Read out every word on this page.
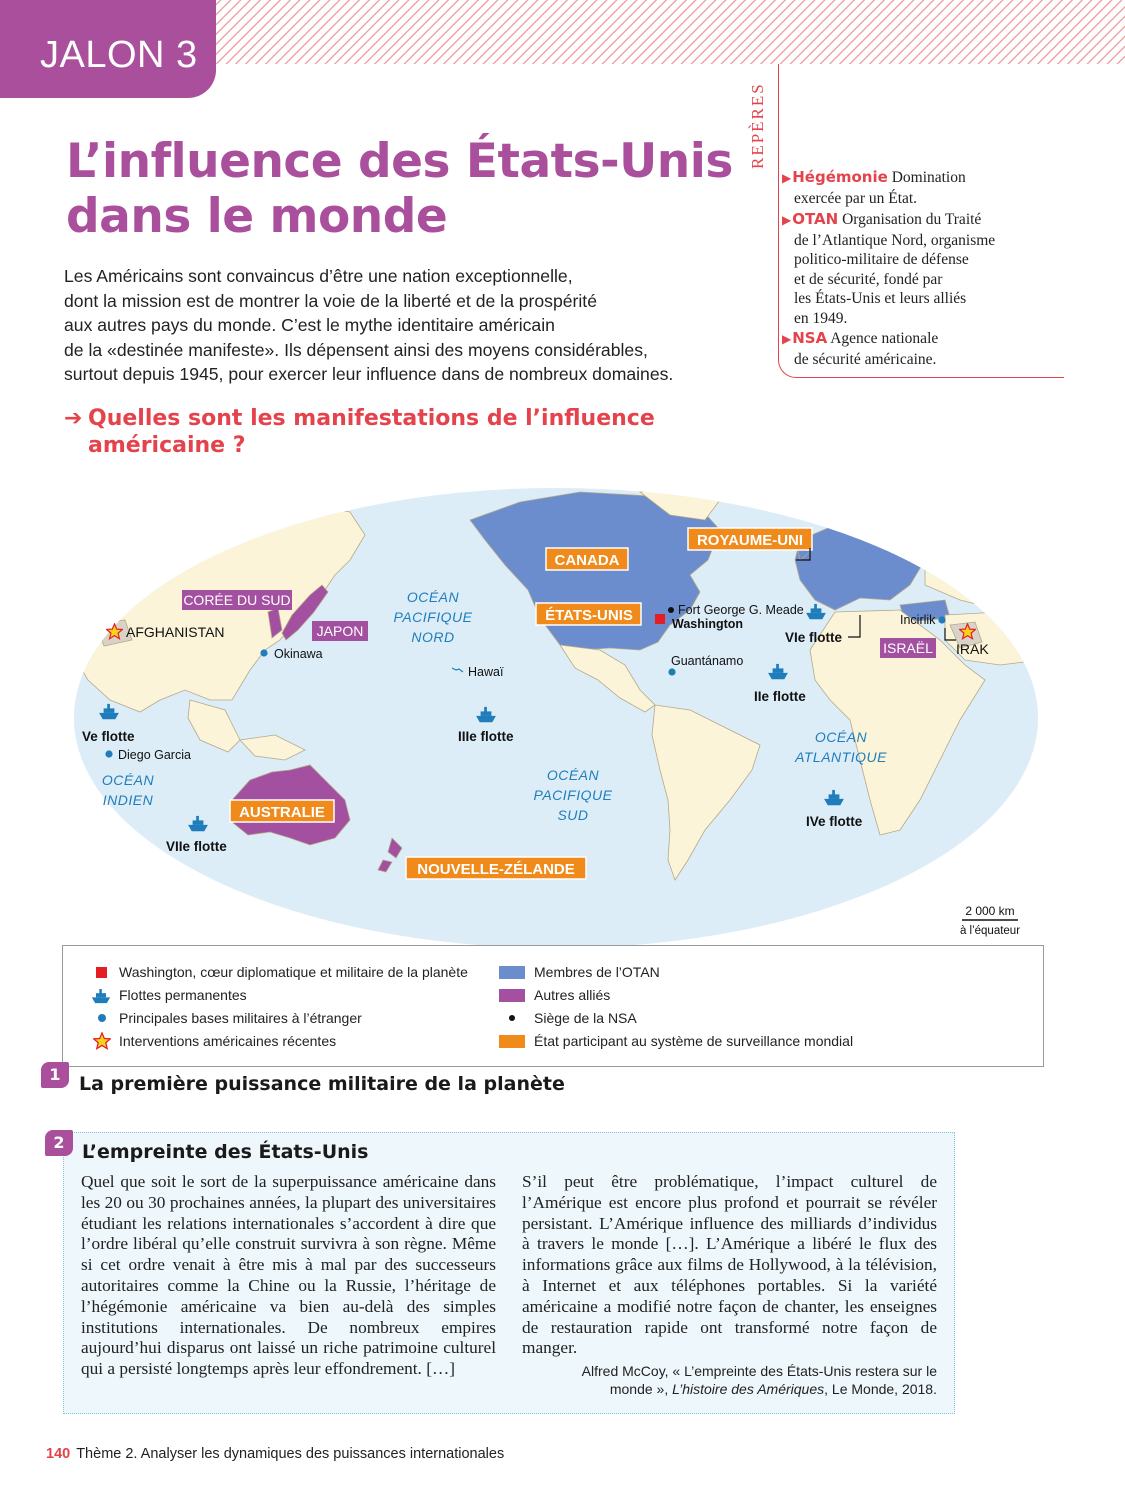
JALON 3
L’influence des États-Unis
dans le monde
Les Américains sont convaincus d’être une nation exceptionnelle,
dont la mission est de montrer la voie de la liberté et de la prospérité
aux autres pays du monde. C’est le mythe identitaire américain
de la «destinée manifeste». Ils dépensent ainsi des moyens considérables,
surtout depuis 1945, pour exercer leur influence dans de nombreux domaines.
➔ Quelles sont les manifestations de l’influence
américaine ?
REPÈRES
▶Hégémonie Domination
exercée par un État.
▶OTAN Organisation du Traité
de l’Atlantique Nord, organisme
politico-militaire de défense
et de sécurité, fondé par
les États-Unis et leurs alliés
en 1949.
▶NSA Agence nationale
de sécurité américaine.
OCÉAN
PACIFIQUE
NORD
OCÉAN
PACIFIQUE
SUD
OCÉAN
ATLANTIQUE
OCÉAN
INDIEN
CANADA
ÉTATS-UNIS
ROYAUME-UNI
AUSTRALIE
NOUVELLE-ZÉLANDE
CORÉE DU SUD
JAPON
ISRAËL
AFGHANISTAN
IRAK
Okinawa
Diego Garcia
Guantánamo
Incirlik
Hawaï
Fort George G. Meade
Washington
Ve flotte	IIIe flotte
VIIe flotte
IIe flotte
VIe flotte
IVe flotte
2 000 km
à l’équateur
Washington, cœur diplomatique et militaire de la planète
Flottes permanentes
Principales bases militaires à l’étranger
Interventions américaines récentes
Membres de l’OTAN
Autres alliés
Siège de la NSA
État participant au système de surveillance mondial
1 La première puissance militaire de la planète
2 L’empreinte des États-Unis
Quel que soit le sort de la superpuissance américaine dans les 20 ou 30 prochaines années, la plupart des universitaires étudiant les relations internationales s’accordent à dire que l’ordre libéral qu’elle construit survivra à son règne. Même si cet ordre venait à être mis à mal par des successeurs autoritaires comme la Chine ou la Russie, l’héritage de l’hégémonie américaine va bien au-delà des simples institutions internationales. De nombreux empires aujourd’hui disparus ont laissé un riche patrimoine culturel qui a persisté longtemps après leur effondrement. […]
S’il peut être problématique, l’impact culturel de l’Amérique est encore plus profond et pourrait se révéler persistant. L’Amérique influence des milliards d’individus à travers le monde […]. L’Amérique a libéré le flux des informations grâce aux films de Hollywood, à la télévision, à Internet et aux téléphones portables. Si la variété américaine a modifié notre façon de chanter, les enseignes de restauration rapide ont transformé notre façon de manger.
Alfred McCoy, « L’empreinte des États-Unis restera sur le
monde », L’histoire des Amériques, Le Monde, 2018.
140 Thème 2. Analyser les dynamiques des puissances internationales
